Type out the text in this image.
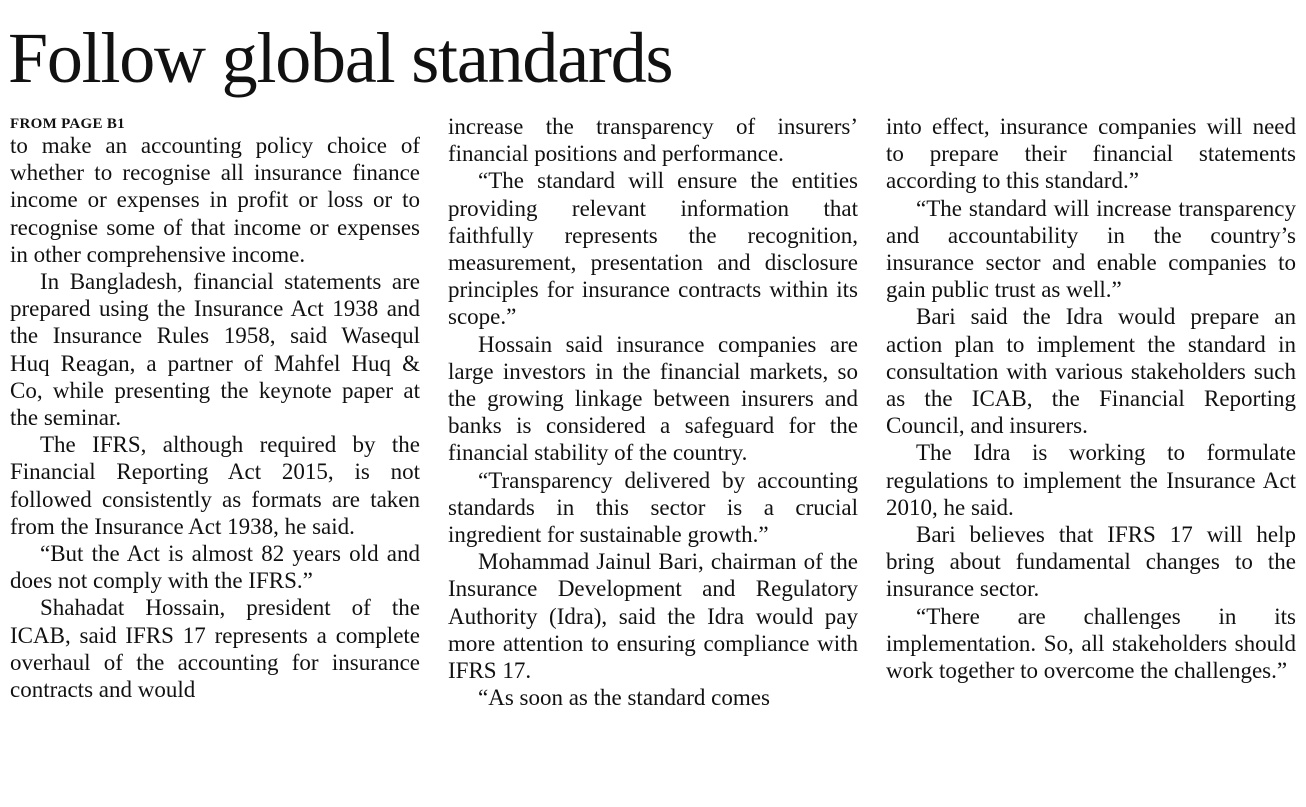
Follow global standards
FROM PAGE B1

to make an accounting policy choice of whether to recognise all insurance finance income or expenses in profit or loss or to recognise some of that income or expenses in other comprehensive income.

In Bangladesh, financial statements are prepared using the Insurance Act 1938 and the Insurance Rules 1958, said Wasequl Huq Reagan, a partner of Mahfel Huq & Co, while presenting the keynote paper at the seminar.

The IFRS, although required by the Financial Reporting Act 2015, is not followed consistently as formats are taken from the Insurance Act 1938, he said.

“But the Act is almost 82 years old and does not comply with the IFRS.”

Shahadat Hossain, president of the ICAB, said IFRS 17 represents a complete overhaul of the accounting for insurance contracts and would

increase the transparency of insurers’ financial positions and performance.

“The standard will ensure the entities providing relevant information that faithfully represents the recognition, measurement, presentation and disclosure principles for insurance contracts within its scope.”

Hossain said insurance companies are large investors in the financial markets, so the growing linkage between insurers and banks is considered a safeguard for the financial stability of the country.

“Transparency delivered by accounting standards in this sector is a crucial ingredient for sustainable growth.”

Mohammad Jainul Bari, chairman of the Insurance Development and Regulatory Authority (Idra), said the Idra would pay more attention to ensuring compliance with IFRS 17.

“As soon as the standard comes

into effect, insurance companies will need to prepare their financial statements according to this standard.”

“The standard will increase transparency and accountability in the country’s insurance sector and enable companies to gain public trust as well.”

Bari said the Idra would prepare an action plan to implement the standard in consultation with various stakeholders such as the ICAB, the Financial Reporting Council, and insurers.

The Idra is working to formulate regulations to implement the Insurance Act 2010, he said.

Bari believes that IFRS 17 will help bring about fundamental changes to the insurance sector.

“There are challenges in its implementation. So, all stakeholders should work together to overcome the challenges.”
